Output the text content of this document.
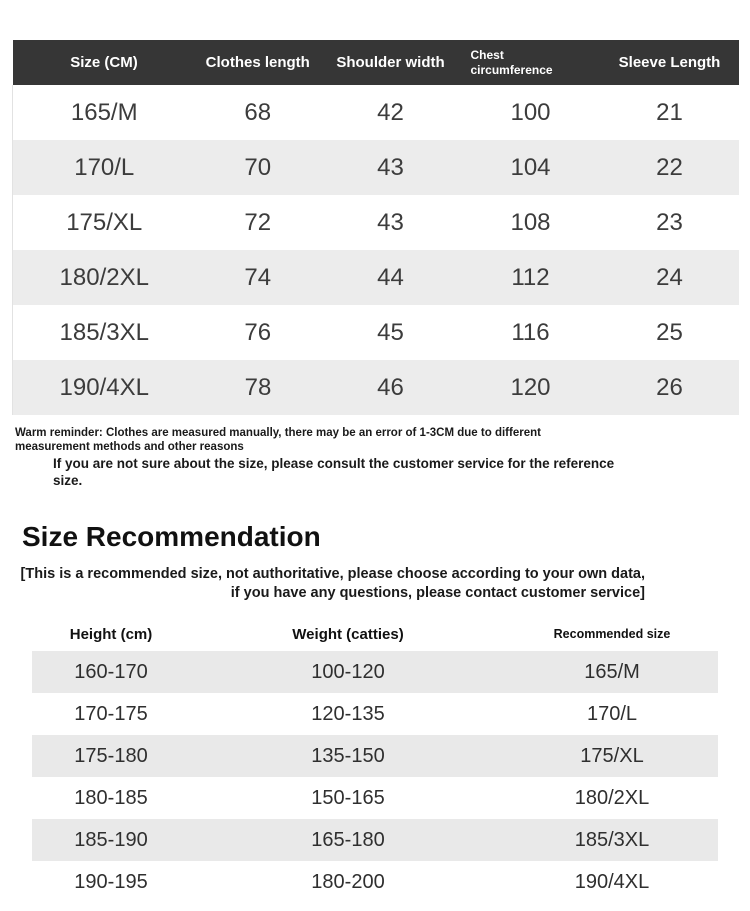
Size (CM)	Clothes length	Shoulder width	Chest circumference	Sleeve Length
165/M	68	42	100	21
170/L	70	43	104	22
175/XL	72	43	108	23
180/2XL	74	44	112	24
185/3XL	76	45	116	25
190/4XL	78	46	120	26
Warm reminder: Clothes are measured manually, there may be an error of 1-3CM due to different
measurement methods and other reasons
If you are not sure about the size, please consult the customer service for the reference
size.
Size Recommendation
[This is a recommended size, not authoritative, please choose according to your own data,
if you have any questions, please contact customer service]
Height (cm)	Weight (catties)	Recommended size
160-170	100-120	165/M
170-175	120-135	170/L
175-180	135-150	175/XL
180-185	150-165	180/2XL
185-190	165-180	185/3XL
190-195	180-200	190/4XL
